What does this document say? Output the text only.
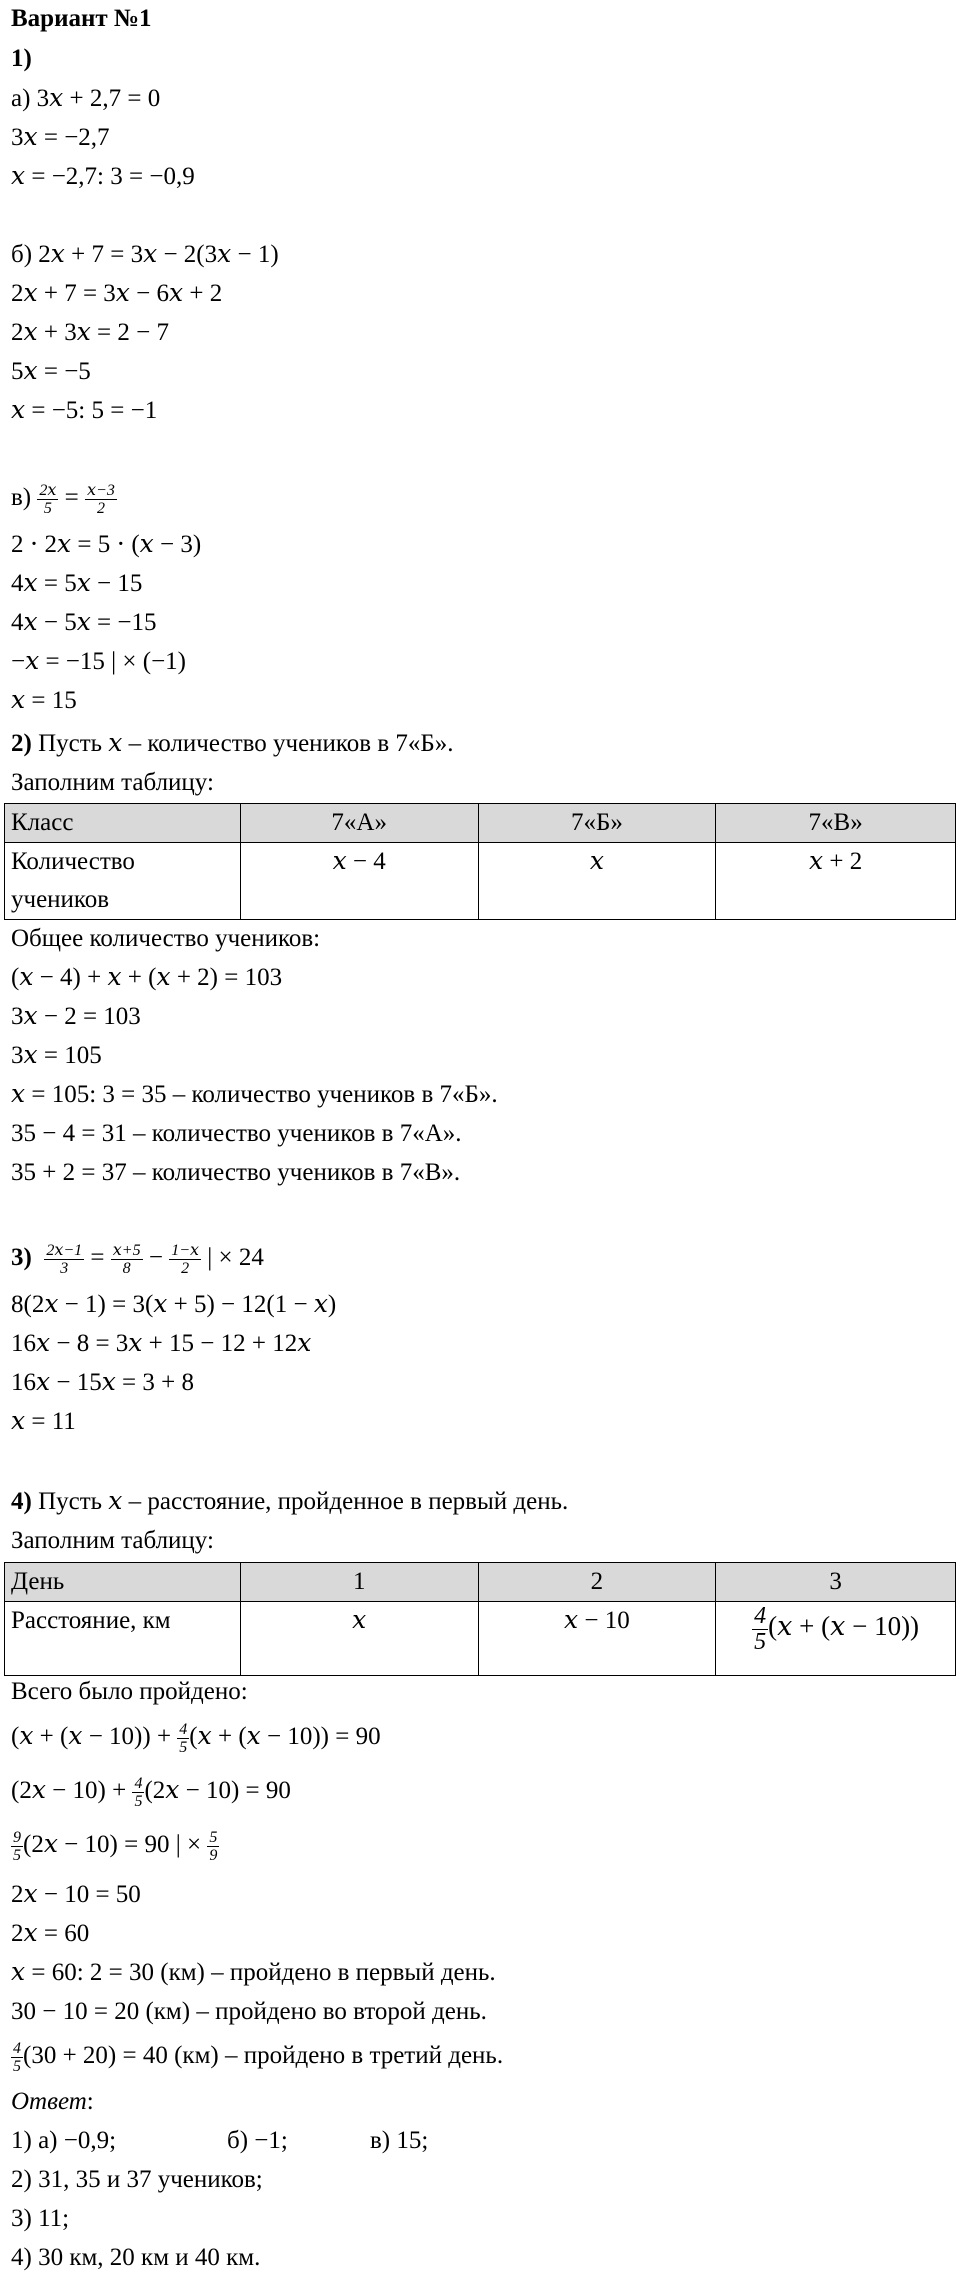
Вариант №1
1)
а) 3𝑥 + 2,7 = 0
3𝑥 = −2,7
𝑥 = −2,7: 3 = −0,9
б) 2𝑥 + 7 = 3𝑥 − 2(3𝑥 − 1)
2𝑥 + 7 = 3𝑥 − 6𝑥 + 2
2𝑥 + 3𝑥 = 2 − 7
5𝑥 = −5
𝑥 = −5: 5 = −1
$в) \frac{\text{2𝑥}}{5} = \frac{\text{𝑥−3}}{2}$
2 ⋅ 2𝑥 = 5 ⋅ (𝑥 − 3)
4𝑥 = 5𝑥 − 15
4𝑥 − 5𝑥 = −15
−𝑥 = −15 | × (−1)
𝑥 = 15
2) Пусть 𝑥 – количество учеников в 7«Б».
Заполним таблицу:
Класс	7«А»	7«Б»	7«В»
Количество
учеников	𝑥 − 4	𝑥	𝑥 + 2
Общее количество учеников:
(𝑥 − 4) + 𝑥 + (𝑥 + 2) = 103
3𝑥 − 2 = 103
3𝑥 = 105
𝑥 = 105: 3 = 35 – количество учеников в 7«Б».
35 − 4 = 31 – количество учеников в 7«А».
35 + 2 = 37 – количество учеников в 7«В».
$3) \frac{\text{2𝑥−1}}{3} = \frac{\text{𝑥+5}}{8} - \frac{\text{1−𝑥}}{2}$ | × 24
8(2𝑥 − 1) = 3(𝑥 + 5) − 12(1 − 𝑥)
16𝑥 − 8 = 3𝑥 + 15 − 12 + 12𝑥
16𝑥 − 15𝑥 = 3 + 8
𝑥 = 11
4) Пусть 𝑥 – расстояние, пройденное в первый день.
Заполним таблицу:
День	1	2	3
Расстояние, км	𝑥	𝑥 − 10	$\frac{4}{5}$ (𝑥 + (𝑥 − 10))
Всего было пройдено:
(𝑥 + (𝑥 − $10)) + \frac{4}{5}$ (𝑥 + (𝑥 − 10)) = 90
(2𝑥 − $10) + \frac{4}{5}$ (2𝑥 − 10) = 90
$\frac{9}{5}$ (2𝑥 − 10) = 90 | × $\frac{5}{9}$
2𝑥 − 10 = 50
2𝑥 = 60
𝑥 = 60: 2 = 30 (км) – пройдено в первый день.
30 − 10 = 20 (км) – пройдено во второй день.
$\frac{4}{5} (30 + 20) = 40$ (км) – пройдено в третий день.
Ответ:
1) а) −0,9;	б) −1;	в) 15;
2) 31, 35 и 37 учеников;
3) 11;
4) 30 км, 20 км и 40 км.
